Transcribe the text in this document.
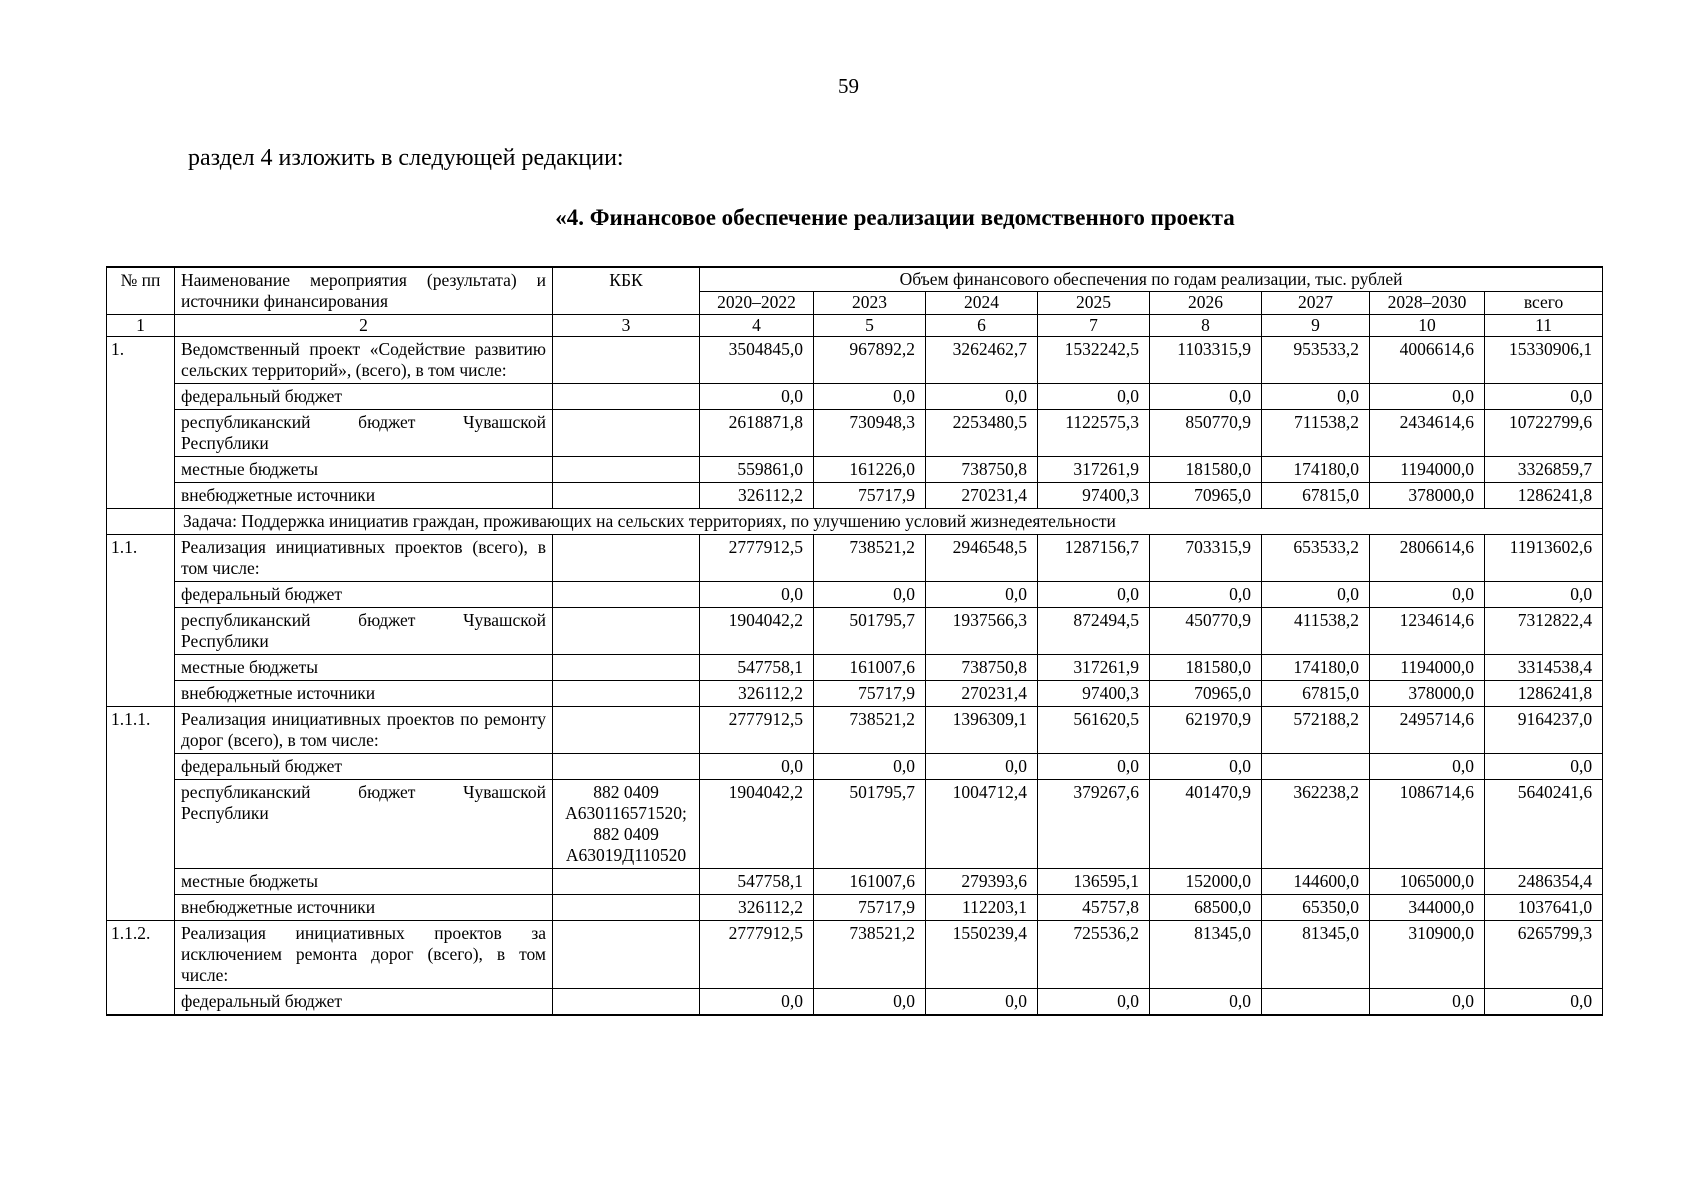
59
раздел 4 изложить в следующей редакции:
«4. Финансовое обеспечение реализации ведомственного проекта
№ пп	Наименование мероприятия (результата) и источники финансирования	КБК	Объем финансового обеспечения по годам реализации, тыс. рублей							
			2020–2022	2023	2024	2025	2026	2027	2028–2030	всего
1	2	3	4	5	6	7	8	9	10	11
1.	Ведомственный проект «Содействие развитию сельских территорий», (всего), в том числе:		3504845,0	967892,2	3262462,7	1532242,5	1103315,9	953533,2	4006614,6	15330906,1
	федеральный бюджет		0,0	0,0	0,0	0,0	0,0	0,0	0,0	0,0
	республиканский бюджет Чувашской Республики		2618871,8	730948,3	2253480,5	1122575,3	850770,9	711538,2	2434614,6	10722799,6
	местные бюджеты		559861,0	161226,0	738750,8	317261,9	181580,0	174180,0	1194000,0	3326859,7
	внебюджетные источники		326112,2	75717,9	270231,4	97400,3	70965,0	67815,0	378000,0	1286241,8
	Задача: Поддержка инициатив граждан, проживающих на сельских территориях, по улучшению условий жизнедеятельности									
1.1.	Реализация инициативных проектов (всего), в том числе:		2777912,5	738521,2	2946548,5	1287156,7	703315,9	653533,2	2806614,6	11913602,6
	федеральный бюджет		0,0	0,0	0,0	0,0	0,0	0,0	0,0	0,0
	республиканский бюджет Чувашской Республики		1904042,2	501795,7	1937566,3	872494,5	450770,9	411538,2	1234614,6	7312822,4
	местные бюджеты		547758,1	161007,6	738750,8	317261,9	181580,0	174180,0	1194000,0	3314538,4
	внебюджетные источники		326112,2	75717,9	270231,4	97400,3	70965,0	67815,0	378000,0	1286241,8
1.1.1.	Реализация инициативных проектов по ремонту дорог (всего), в том числе:		2777912,5	738521,2	1396309,1	561620,5	621970,9	572188,2	2495714,6	9164237,0
	федеральный бюджет		0,0	0,0	0,0	0,0	0,0		0,0	0,0
	республиканский бюджет Чувашской Республики	882 0409 А630116571520; 882 0409 А63019Д110520	1904042,2	501795,7	1004712,4	379267,6	401470,9	362238,2	1086714,6	5640241,6
	местные бюджеты		547758,1	161007,6	279393,6	136595,1	152000,0	144600,0	1065000,0	2486354,4
	внебюджетные источники		326112,2	75717,9	112203,1	45757,8	68500,0	65350,0	344000,0	1037641,0
1.1.2.	Реализация инициативных проектов за исключением ремонта дорог (всего), в том числе:		2777912,5	738521,2	1550239,4	725536,2	81345,0	81345,0	310900,0	6265799,3
	федеральный бюджет		0,0	0,0	0,0	0,0	0,0		0,0	0,0
